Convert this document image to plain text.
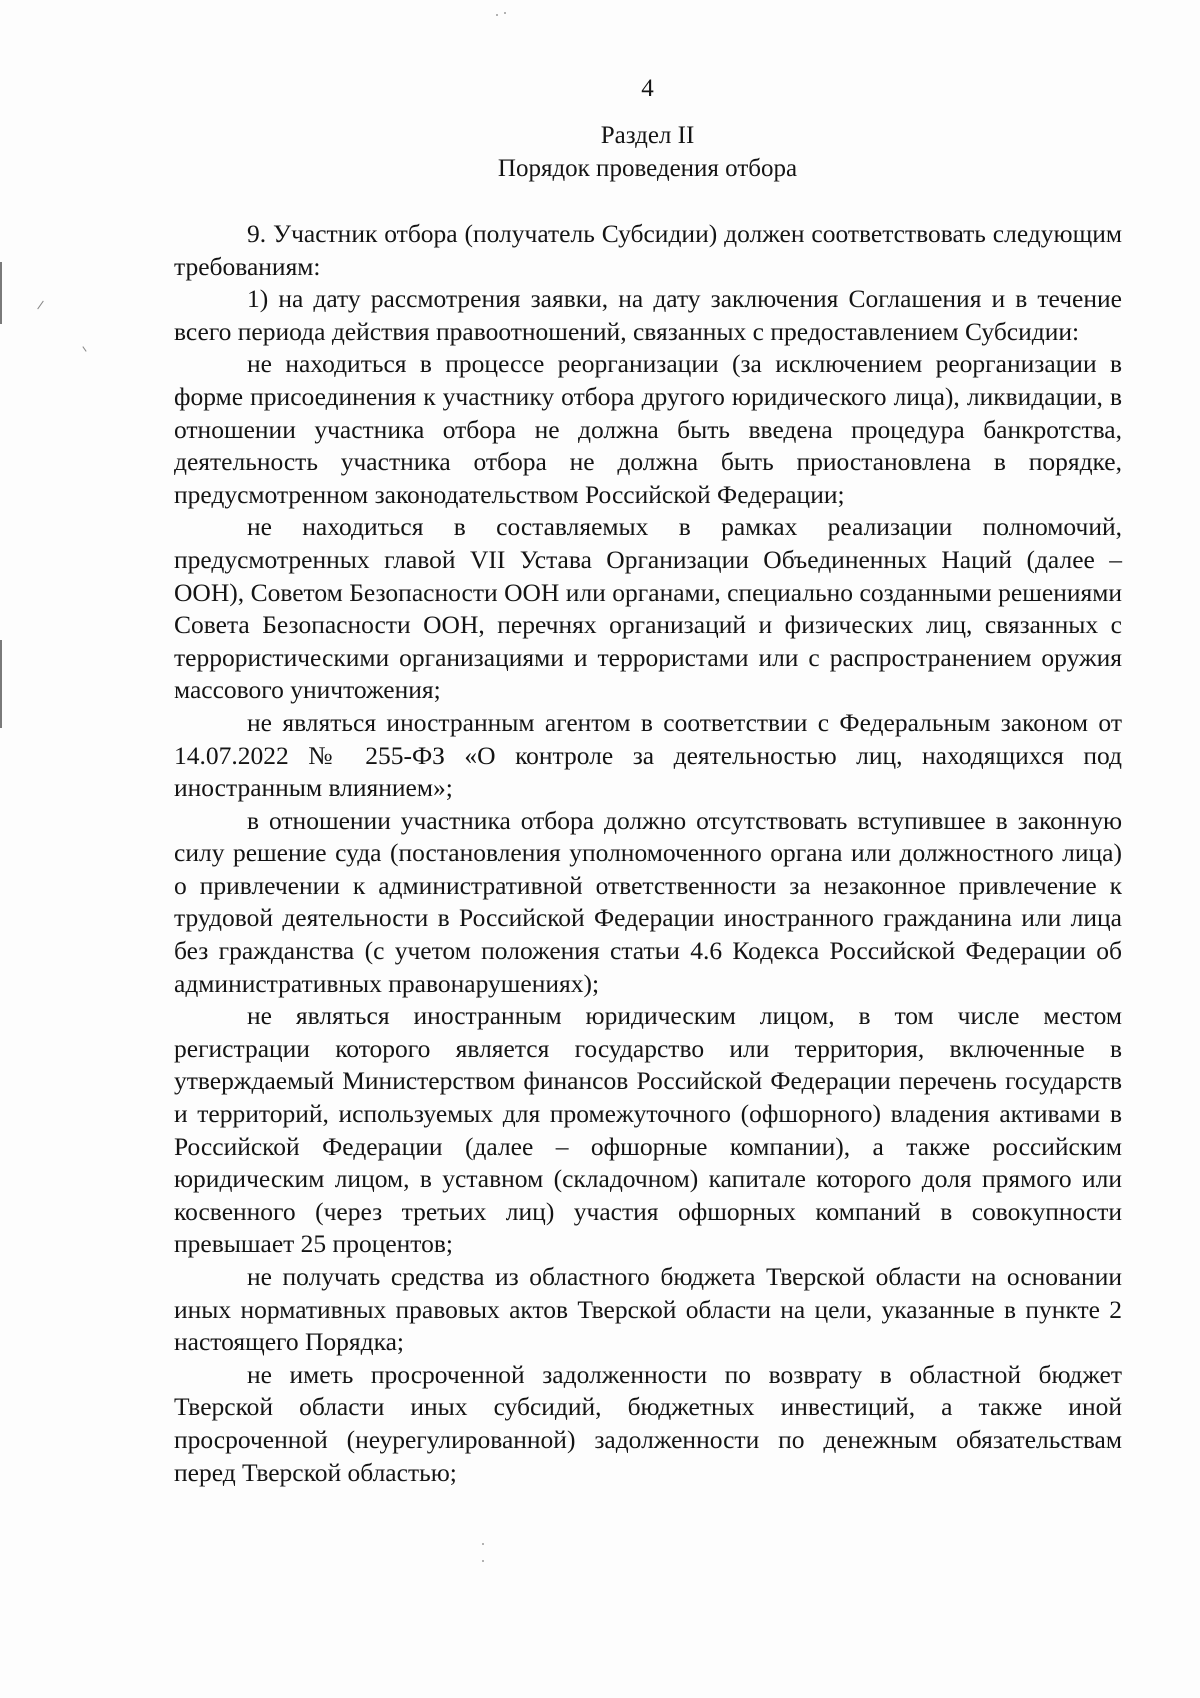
4
Раздел II
Порядок проведения отбора

9. Участник отбора (получатель Субсидии) должен соответствовать следующим требованиям:

1) на дату рассмотрения заявки, на дату заключения Соглашения и в течение всего периода действия правоотношений, связанных с предоставлением Субсидии:

не находиться в процессе реорганизации (за исключением реорганизации в форме присоединения к участнику отбора другого юридического лица), ликвидации, в отношении участника отбора не должна быть введена процедура банкротства, деятельность участника отбора не должна быть приостановлена в порядке, предусмотренном законодательством Российской Федерации;

не находиться в составляемых в рамках реализации полномочий, предусмотренных главой VII Устава Организации Объединенных Наций (далее – ООН), Советом Безопасности ООН или органами, специально созданными решениями Совета Безопасности ООН, перечнях организаций и физических лиц, связанных с террористическими организациями и террористами или с распространением оружия массового уничтожения;

не являться иностранным агентом в соответствии с Федеральным законом от 14.07.2022 № 255-ФЗ «О контроле за деятельностью лиц, находящихся под иностранным влиянием»;

в отношении участника отбора должно отсутствовать вступившее в законную силу решение суда (постановления уполномоченного органа или должностного лица) о привлечении к административной ответственности за незаконное привлечение к трудовой деятельности в Российской Федерации иностранного гражданина или лица без гражданства (с учетом положения статьи 4.6 Кодекса Российской Федерации об административных правонарушениях);

не являться иностранным юридическим лицом, в том числе местом регистрации которого является государство или территория, включенные в утверждаемый Министерством финансов Российской Федерации перечень государств и территорий, используемых для промежуточного (офшорного) владения активами в Российской Федерации (далее – офшорные компании), а также российским юридическим лицом, в уставном (складочном) капитале которого доля прямого или косвенного (через третьих лиц) участия офшорных компаний в совокупности превышает 25 процентов;

не получать средства из областного бюджета Тверской области на основании иных нормативных правовых актов Тверской области на цели, указанные в пункте 2 настоящего Порядка;

не иметь просроченной задолженности по возврату в областной бюджет Тверской области иных субсидий, бюджетных инвестиций, а также иной просроченной (неурегулированной) задолженности по денежным обязательствам перед Тверской областью;
